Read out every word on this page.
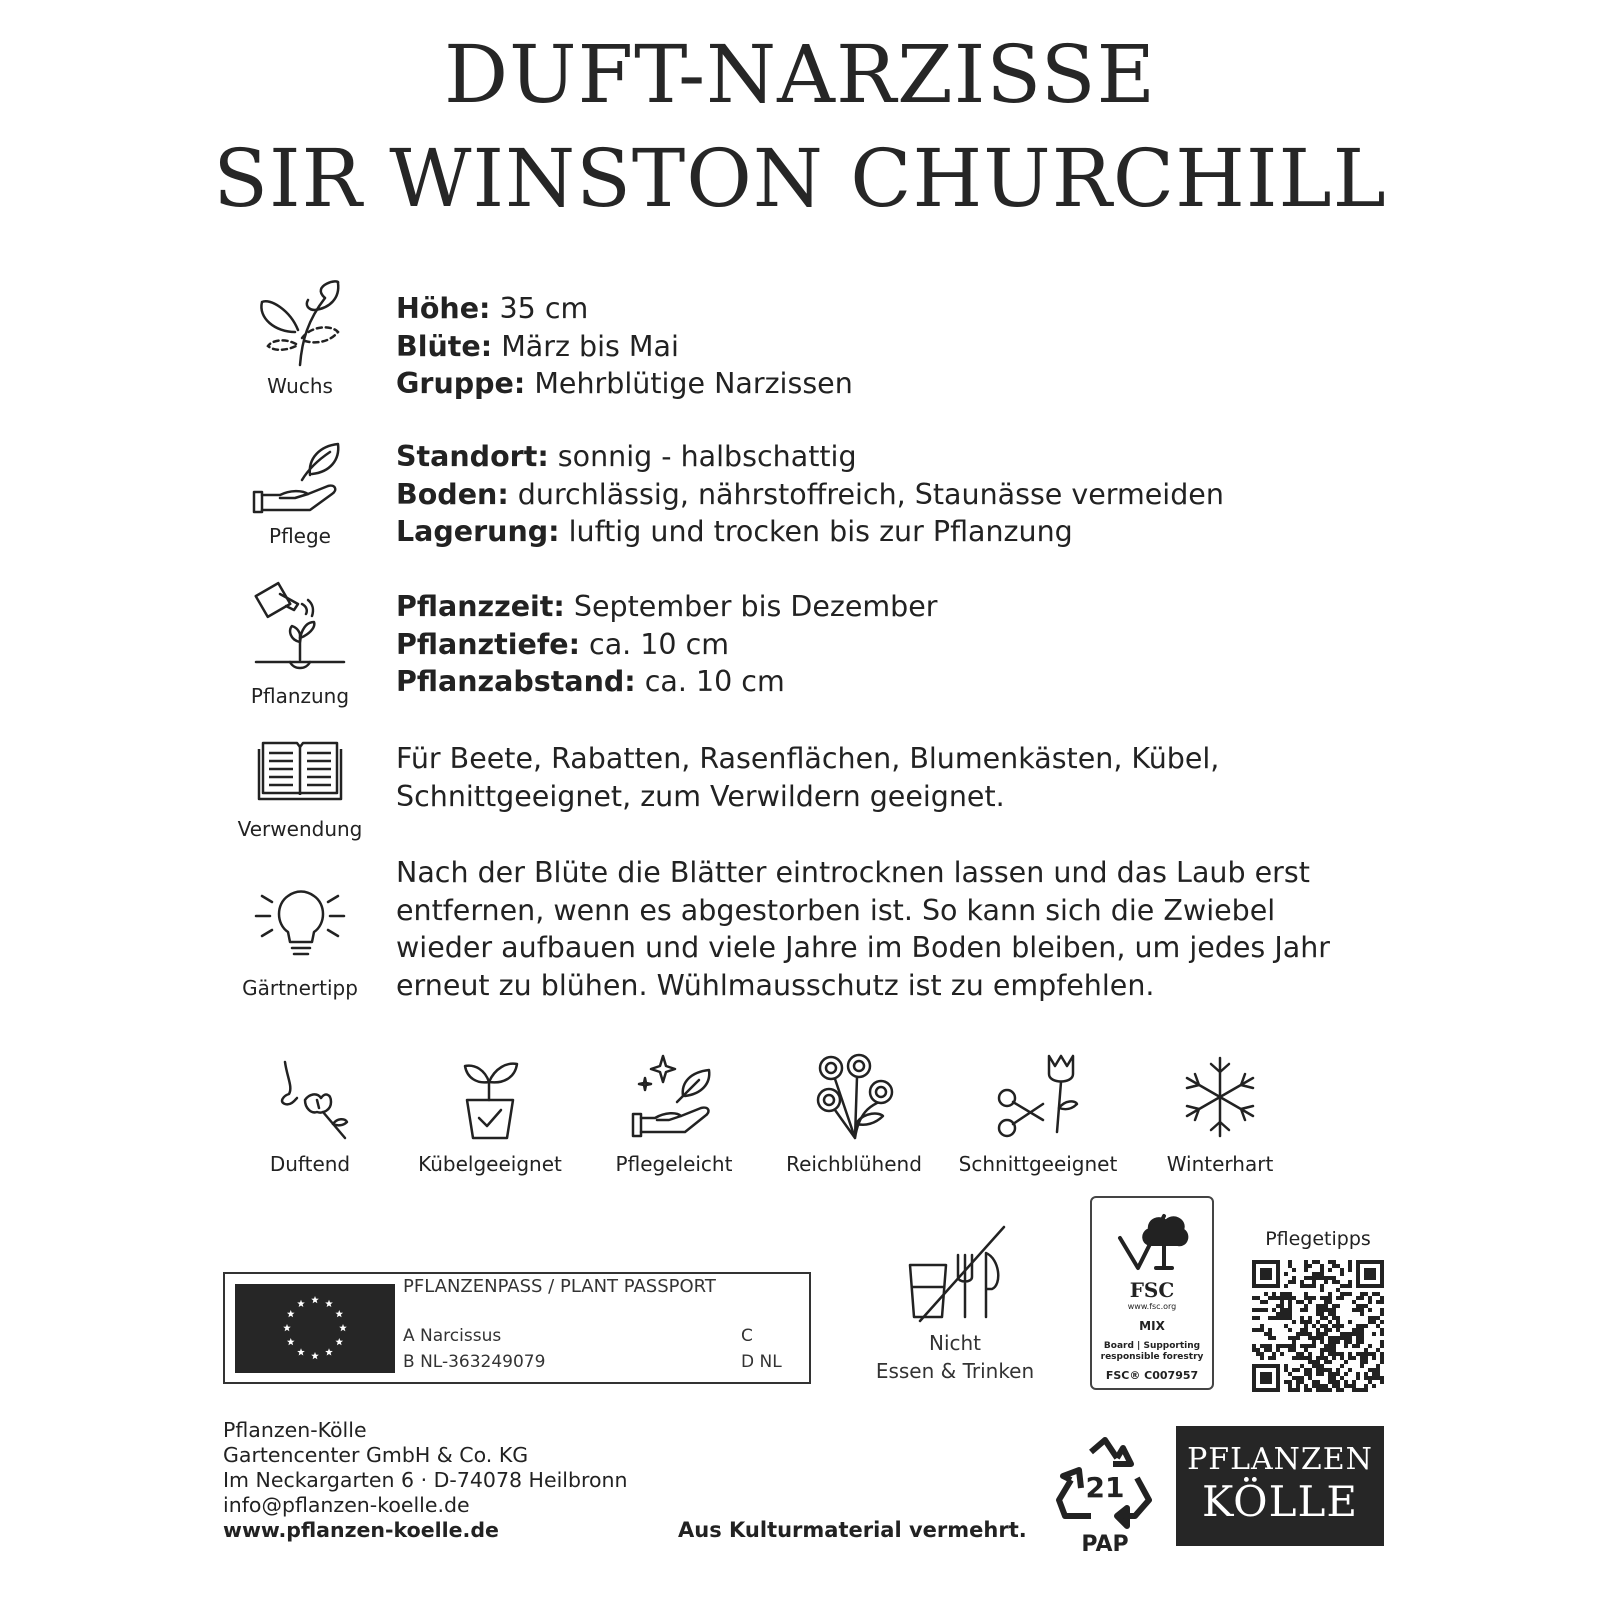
DUFT-NARZISSE
SIR WINSTON CHURCHILL
Wuchs
Höhe: 35 cm
Blüte: März bis Mai
Gruppe: Mehrblütige Narzissen
Pflege
Standort: sonnig - halbschattig
Boden: durchlässig, nährstoffreich, Staunässe vermeiden
Lagerung: luftig und trocken bis zur Pflanzung
Pflanzung
Pflanzzeit: September bis Dezember
Pflanztiefe: ca. 10 cm
Pflanzabstand: ca. 10 cm
Verwendung
Für Beete, Rabatten, Rasenflächen, Blumenkästen, Kübel,
Schnittgeeignet, zum Verwildern geeignet.
Gärtnertipp
Nach der Blüte die Blätter eintrocknen lassen und das Laub erst
entfernen, wenn es abgestorben ist. So kann sich die Zwiebel
wieder aufbauen und viele Jahre im Boden bleiben, um jedes Jahr
erneut zu blühen. Wühlmausschutz ist zu empfehlen.
Duftend	Kübelgeeignet	Pflegeleicht	Reichblühend	Schnittgeeignet	Winterhart
PFLANZENPASS / PLANT PASSPORT
A Narcissus
B NL-363249079
C
D NL
Nicht
Essen & Trinken
FSC
www.fsc.org
MIX
Board | Supporting
responsible forestry
FSC® C007957
Pflegetipps
Pflanzen-Kölle
Gartencenter GmbH & Co. KG
Im Neckargarten 6 · D-74078 Heilbronn
info@pflanzen-koelle.de
www.pflanzen-koelle.de	Aus Kulturmaterial vermehrt.
21
PAP
PFLANZEN
KÖLLE
